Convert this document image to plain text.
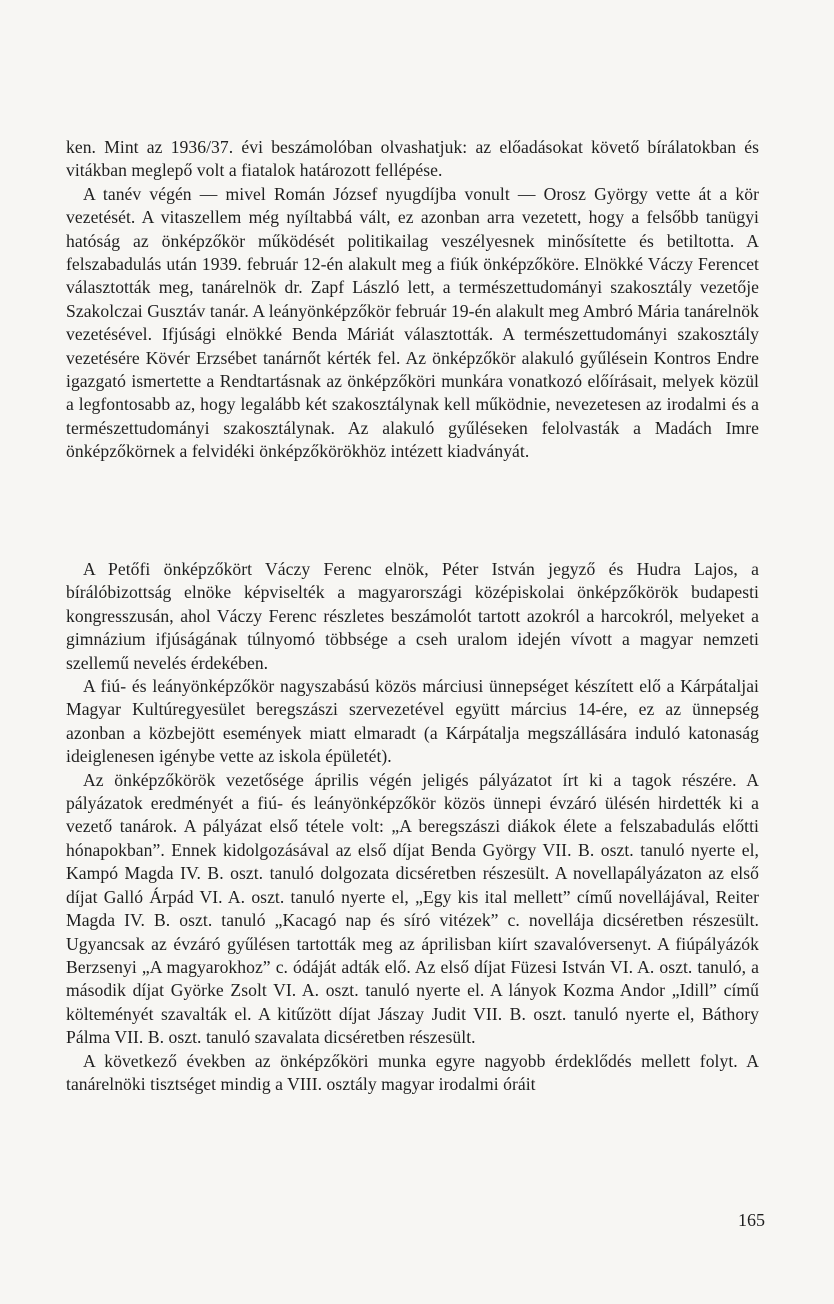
ken. Mint az 1936/37. évi beszámolóban olvashatjuk: az előadásokat követő bírálatokban és vitákban meglepő volt a fiatalok határozott fellépése.

A tanév végén — mivel Román József nyugdíjba vonult — Orosz György vette át a kör vezetését. A vitaszellem még nyíltabbá vált, ez azonban arra vezetett, hogy a felsőbb tanügyi hatóság az önképzőkör működését politikailag veszélyesnek minősítette és betiltotta. A felszabadulás után 1939. február 12-én alakult meg a fiúk önképzőköre. Elnökké Váczy Ferencet választották meg, tanárelnök dr. Zapf László lett, a természettudományi szakosztály vezetője Szakolczai Gusztáv tanár. A leányönképzőkör február 19-én alakult meg Ambró Mária tanárelnök vezetésével. Ifjúsági elnökké Benda Máriát választották. A természettudományi szakosztály vezetésére Kövér Erzsébet tanárnőt kérték fel. Az önképzőkör alakuló gyűlésein Kontros Endre igazgató ismertette a Rendtartásnak az önképzőköri munkára vonatkozó előírásait, melyek közül a legfontosabb az, hogy legalább két szakosztálynak kell működnie, nevezetesen az irodalmi és a természettudományi szakosztálynak. Az alakuló gyűléseken felolvasták a Madách Imre önképzőkörnek a felvidéki önképzőkörökhöz intézett kiadványát.

A Petőfi önképzőkört Váczy Ferenc elnök, Péter István jegyző és Hudra Lajos, a bírálóbizottság elnöke képviselték a magyarországi középiskolai önképzőkörök budapesti kongresszusán, ahol Váczy Ferenc részletes beszámolót tartott azokról a harcokról, melyeket a gimnázium ifjúságának túlnyomó többsége a cseh uralom idején vívott a magyar nemzeti szellemű nevelés érdekében.

A fiú- és leányönképzőkör nagyszabású közös márciusi ünnepséget készített elő a Kárpátaljai Magyar Kultúregyesület beregszászi szervezetével együtt március 14-ére, ez az ünnepség azonban a közbejött események miatt elmaradt (a Kárpátalja megszállására induló katonaság ideiglenesen igénybe vette az iskola épületét).

Az önképzőkörök vezetősége április végén jeligés pályázatot írt ki a tagok részére. A pályázatok eredményét a fiú- és leányönképzőkör közös ünnepi évzáró ülésén hirdették ki a vezető tanárok. A pályázat első tétele volt: „A beregszászi diákok élete a felszabadulás előtti hónapokban”. Ennek kidolgozásával az első díjat Benda György VII. B. oszt. tanuló nyerte el, Kampó Magda IV. B. oszt. tanuló dolgozata dicséretben részesült. A novellapályázaton az első díjat Galló Árpád VI. A. oszt. tanuló nyerte el, „Egy kis ital mellett” című novellájával, Reiter Magda IV. B. oszt. tanuló „Kacagó nap és síró vitézek” c. novellája dicséretben részesült. Ugyancsak az évzáró gyűlésen tartották meg az áprilisban kiírt szavalóversenyt. A fiúpályázók Berzsenyi „A magyarokhoz” c. ódáját adták elő. Az első díjat Füzesi István VI. A. oszt. tanuló, a második díjat Györke Zsolt VI. A. oszt. tanuló nyerte el. A lányok Kozma Andor „Idill” című költeményét szavalták el. A kitűzött díjat Jászay Judit VII. B. oszt. tanuló nyerte el, Báthory Pálma VII. B. oszt. tanuló szavalata dicséretben részesült.

A következő években az önképzőköri munka egyre nagyobb érdeklődés mellett folyt. A tanárelnöki tisztséget mindig a VIII. osztály magyar irodalmi óráit

165
